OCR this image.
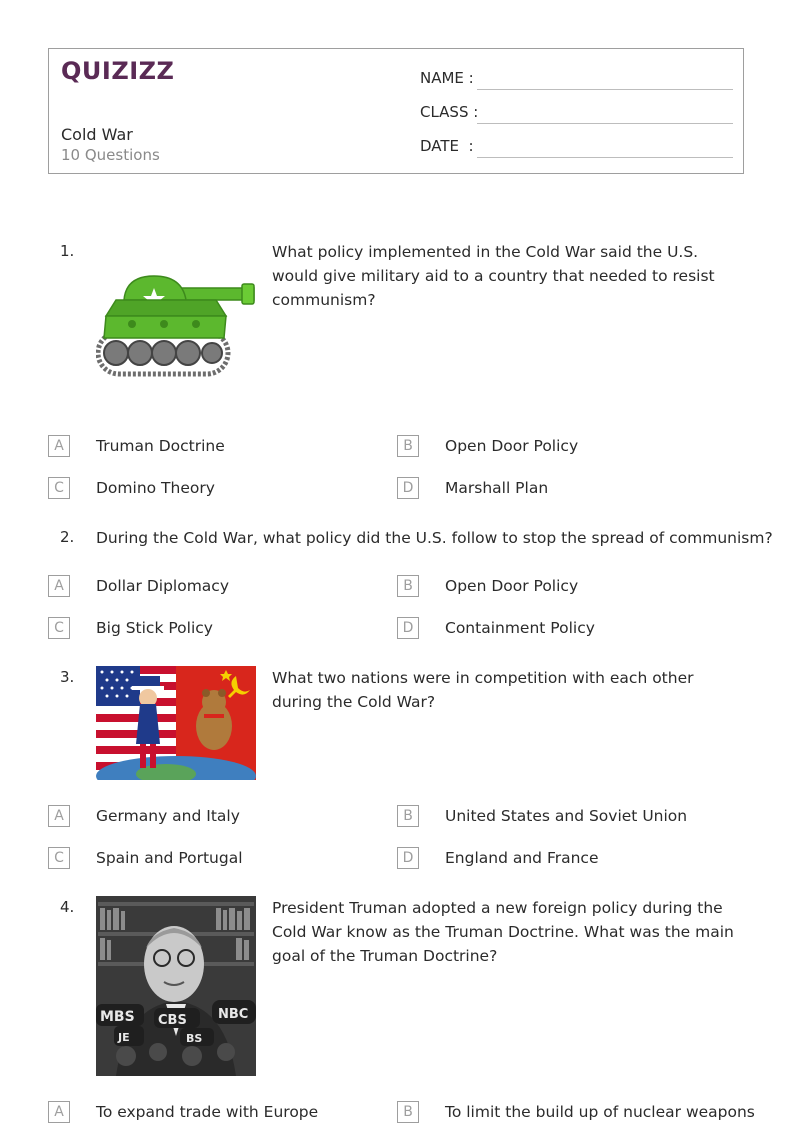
QUIZIZZ
Cold War
10 Questions
NAME :
CLASS :
DATE  :
1.	What policy implemented in the Cold War said the U.S. would give military aid to a country that needed to resist communism?
A	Truman Doctrine	B	Open Door Policy
C	Domino Theory	D	Marshall Plan
2. During the Cold War, what policy did the U.S. follow to stop the spread of communism?
A	Dollar Diplomacy	B	Open Door Policy
C	Big Stick Policy	D	Containment Policy
3.	What two nations were in competition with each other during the Cold War?
A	Germany and Italy	B	United States and Soviet Union
C	Spain and Portugal	D	England and France
4.
MBS CBS NBC
JE	BS
President Truman adopted a new foreign policy during the Cold War know as the Truman Doctrine. What was the main goal of the Truman Doctrine?
A	To expand trade with Europe	B	To limit the build up of nuclear weapons
